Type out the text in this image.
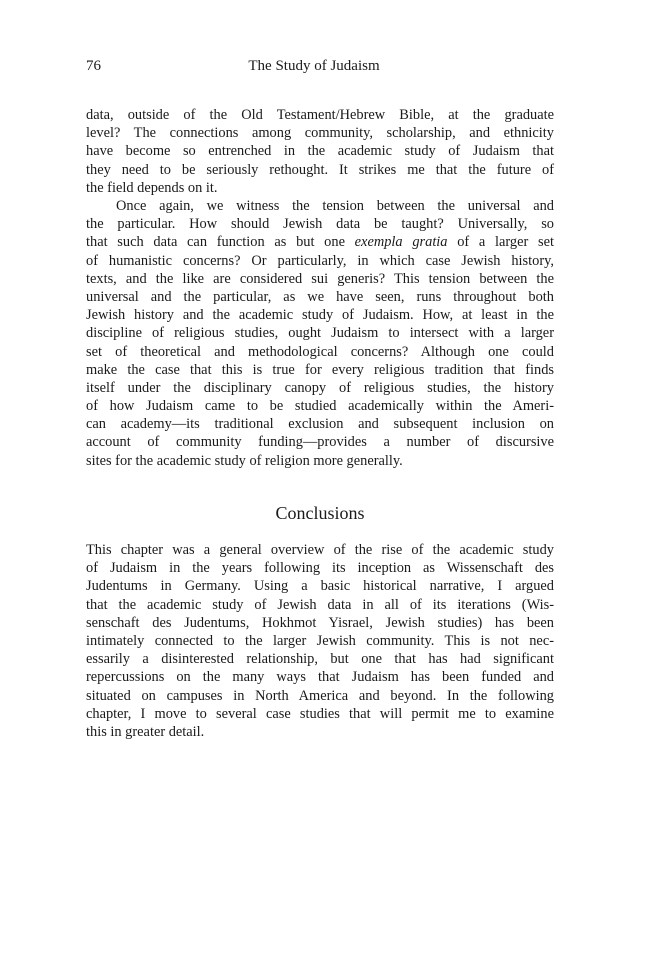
76	The Study of Judaism
data, outside of the Old Testament/Hebrew Bible, at the graduate
level? The connections among community, scholarship, and ethnicity
have become so entrenched in the academic study of Judaism that
they need to be seriously rethought. It strikes me that the future of
the field depends on it.
Once again, we witness the tension between the universal and
the particular. How should Jewish data be taught? Universally, so
that such data can function as but one exempla gratia of a larger set
of humanistic concerns? Or particularly, in which case Jewish history,
texts, and the like are considered sui generis? This tension between the
universal and the particular, as we have seen, runs throughout both
Jewish history and the academic study of Judaism. How, at least in the
discipline of religious studies, ought Judaism to intersect with a larger
set of theoretical and methodological concerns? Although one could
make the case that this is true for every religious tradition that finds
itself under the disciplinary canopy of religious studies, the history
of how Judaism came to be studied academically within the Ameri-
can academy—its traditional exclusion and subsequent inclusion on
account of community funding—provides a number of discursive
sites for the academic study of religion more generally.
Conclusions
This chapter was a general overview of the rise of the academic study
of Judaism in the years following its inception as Wissenschaft des
Judentums in Germany. Using a basic historical narrative, I argued
that the academic study of Jewish data in all of its iterations (Wis-
senschaft des Judentums, Hokhmot Yisrael, Jewish studies) has been
intimately connected to the larger Jewish community. This is not nec-
essarily a disinterested relationship, but one that has had significant
repercussions on the many ways that Judaism has been funded and
situated on campuses in North America and beyond. In the following
chapter, I move to several case studies that will permit me to examine
this in greater detail.
